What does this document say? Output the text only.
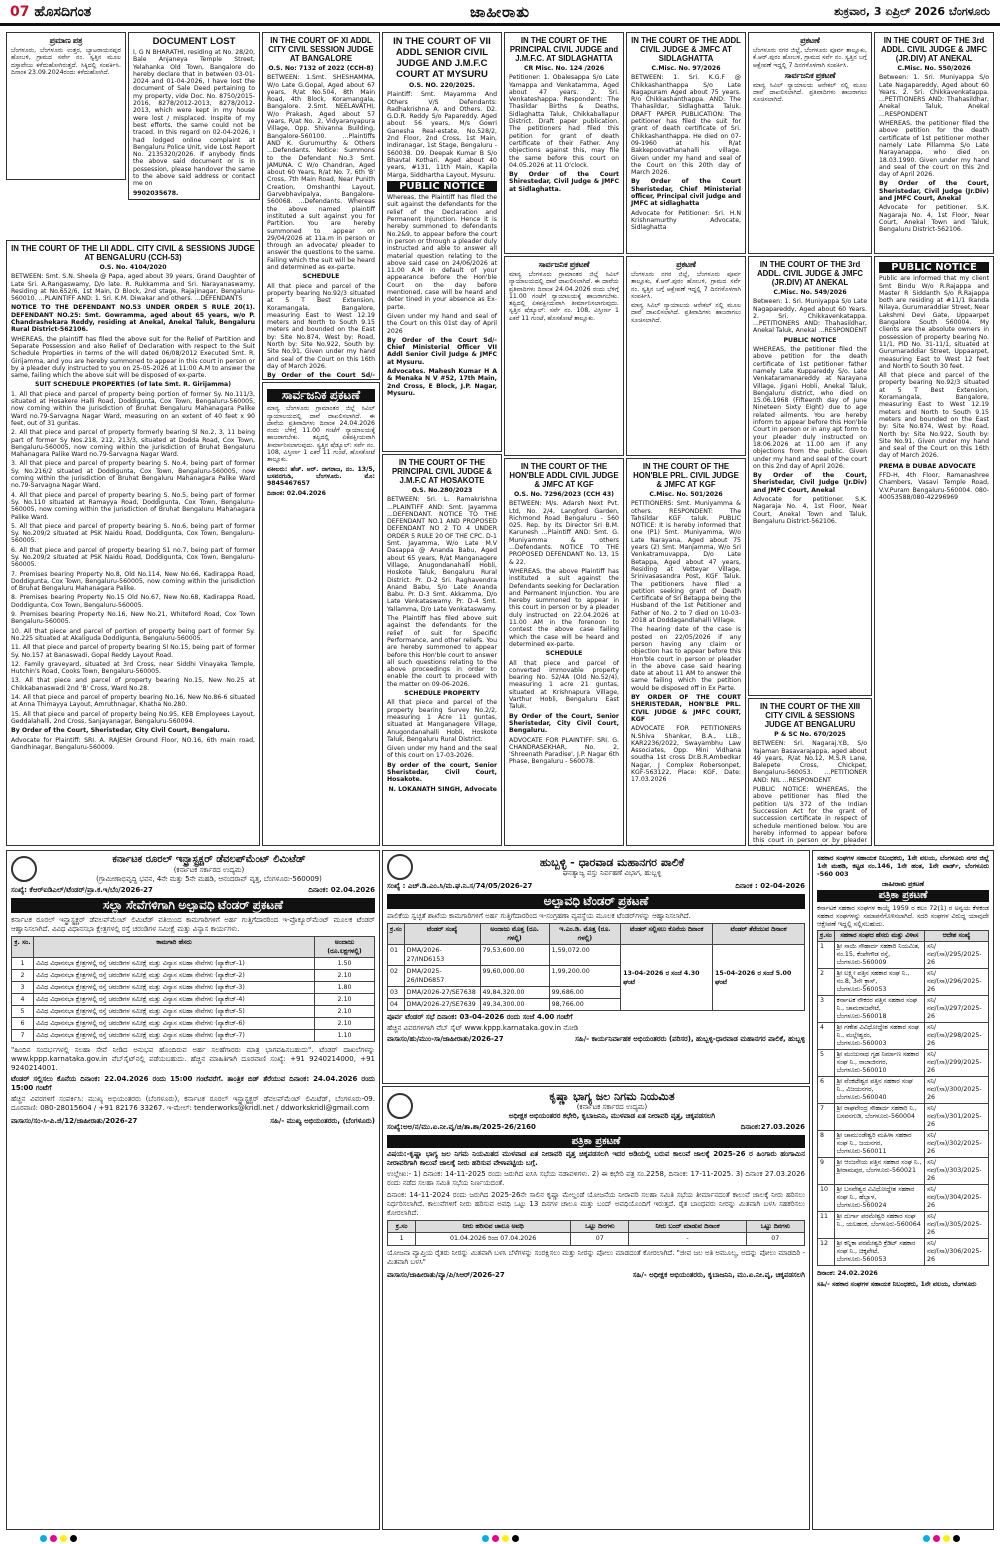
07 ಹೊಸದಿಗಂತ	ಜಾಹೀರಾತು	ಶುಕ್ರವಾರ, 3 ಏಪ್ರಿಲ್ 2026 ಬೆಂಗಳೂರು
ಪ್ರಮಾಣ ಪತ್ರ

ಬೆಂಗಳೂರು, ಬೆಂಗಳೂರು ಉತ್ತರ, ಬ್ಯಾಟರಾಯನಪುರ ಹೋಬಳಿ, ಗ್ರಾಮದ ಸರ್ವೇ ನಂ. ಸ್ವತ್ತಿನ ಮೂಲ ದಸ್ತಾವೇಜು ಕಳೆದುಹೋಗಿರುತ್ತದೆ. ಸಿಕ್ಕಿದಲ್ಲಿ ಸಂಪರ್ಕಿಸಿ. ದಿನಾಂಕ 23.09.2024ರಂದು ಕಳೆದುಹೋಗಿದೆ.

DOCUMENT LOST

I, G N BHARATHI, residing at No. 28/20, Bale Anjaneya Temple Street, Yelahanka Old Town, Bangalore do hereby declare that in between 03-01-2024 and 01-04-2026, I have lost the document of Sale Deed pertaining to my property, vide Doc. No. 8750/2015-2016, 8278/2012-2013, 8278/2012-2013, which were kept in my house were lost / misplaced. Inspite of my best efforts, the same could not be traced. In this regard on 02-04-2026, I had lodged online complaint at Bengaluru Police Unit, vide Lost Report No. 2135320/2026. If anybody finds the above said document or is in possession, please handover the same to the above said address or contact me on

9902035678.

IN THE COURT OF XI ADDL CITY CIVIL SESSION JUDGE AT BANGALORE
O.S. No: 7132 of 2022 (CCH-8)

BETWEEN: 1.Smt. SHESHAMMA, W/o Late G.Gopal, Aged about 67 years, R/at No.504, 8th Main Road, 4th Block, Koramangala, Bangalore. 2.Smt. NEELAVATHI, W/o Prakash, Aged about 57 years, R/at No. 2, Vidyaranyapura Village, Opp. Shivanna Building, Bangalore-560100. ...Plaintiffs AND K. Gurumurthy & Others ...Defendants. Notice: Summons to the Defendant No.3 Smt. JAMUNA. C W/o Chandran, Aged about 60 Years, R/at No. 7, 6th 'B' Cross, 7th Main Road, Near Punith Creation, Omshanthi Layout, Garvebhavipalya, Bangalore-560068. ...Defendants. Whereas the above named plaintiff instituted a suit against you for Partition. You are hereby summoned to appear on 29/04/2026 at 11a.m in person or through an advocate/ pleader to answer the questions to the same. Failing which the suit will be heard and determined as ex-parte.

SCHEDULE

All that piece and parcel of the property bearing No.92/3 situated at 5 T Best Extension, Koramangala, Bangalore, measuring East to West 12.19 meters and North to South 9.15 meters and bounded on the East by: Site No.874, West by: Road, North by: Site No.922, South by: Site No.91, Given under my hand and seal of the Court on this 16th day of March 2026.

By Order of the Court Sd/-

IN THE COURT OF VII ADDL SENIOR CIVIL JUDGE AND J.M.F.C COURT AT MYSURU
O.S. NO. 220/2025.

Plaintiff: Smt. Mayamma And Others V/S Defendants: Radhakrishna A. and Others. D2. G.D.R. Reddy S/o Papareddy. Aged about 56 years, M/s Gowri Ganesha Real-estate, No.528/2, 2nd Floor, 2nd Cross, 1st Main, Indiranagar, 1st Stage, Bengaluru - 560038. D9. Deepak Kumar B S/o Bhavtal Kothari. Aged about 40 years, #131, 11th Main, Kapila Marga, Siddhartha Layout, Mysuru.

PUBLIC NOTICE

Whereas, the Plaintiff has filed the suit against the defendants for the relief of the Declaration and Permanent Injunction. Hence it is hereby summoned to defendants No.2&9, to appear before the court in person or through a pleader duly instructed and able to answer all material question relating to the above said case on 24/06/2026 at 11.00 A.M in default of your appearance before the Hon'ble Court on the day before mentioned, case will be heard and deter tined in your absence as Ex-parte.

Given under my hand and seal of the Court on this 01st day of April 2026

By Order of the Court Sd/- Chief Ministerial Officer VII Addl Senior Civil Judge & JMFC at Mysuru.

Advocates. Mahesh Kumar H A & Menaka N V #52, 17th Main, 2nd Cross, E Block, J.P. Nagar, Mysuru.

IN THE COURT OF THE PRINCIPAL CIVIL JUDGE and J.M.F.C. AT SIDLAGHATTA
CR Misc. No. 124 /2026

Petitioner: 1. Obalesappa S/o Late Yamappa and Venkatamma, Aged about 47 years. 2. Sri. Venkateshappa. Respondent: The Thasildar Births & Deaths, Sidlaghatta Taluk, Chikkaballapur District. Draft paper publication. The petitioners had filed this petition for grant of death certificate of their Father. Any objections against this, may file the same before this court on 04.05.2026 at 11 O'clock.

By Order of the Court Shirestedar, Civil Judge & JMFC at Sidlaghatta.

IN THE COURT OF THE ADDL CIVIL JUDGE & JMFC AT SIDLAGHATTA
C.Misc. No. 97/2026

BETWEEN: 1. Sri. K.G.F @ Chikkashanthappa S/o Late Nagapuram Aged about 75 years. R/o Chikkashanthappa. AND: The Thahasildar, Sidlaghatta Taluk. DRAFT PAPER PUBLICATION: The petitioner has filed the suit for grant of death certificate of Sri. Chikkashanthappa. He died on 07-09-1960 at his R/at Bakkepoovathanahalli village. Given under my hand and seal of the Court on this 20th day of March 2026.

By Order of the Court Sheristedar, Chief Ministerial officer, Principal civil judge and JMFC at sidlaghatta

Advocate for Petitioner: Sri. H.N Krishnamurthy Advocate, Sidlaghatta

ಪ್ರಕಟಣೆ

ಬೆಂಗಳೂರು ನಗರ ಜಿಲ್ಲೆ, ಬೆಂಗಳೂರು ಪೂರ್ವ ತಾಲ್ಲೂಕು, ಕೆ.ಆರ್.ಪುರಂ ಹೋಬಳಿ, ಗ್ರಾಮದ ಸರ್ವೆ ನಂ. ಸ್ವತ್ತಿನ ಬಗ್ಗೆ ಆಕ್ಷೇಪಣೆ ಇದ್ದಲ್ಲಿ 7 ದಿನಗಳೊಳಗಾಗಿ ಸಂಪರ್ಕಿಸಿ.

ಸಾರ್ವಜನಿಕ ಪ್ರಕಟಣೆ

ಮಾನ್ಯ ಸಿವಿಲ್ ನ್ಯಾಯಾಲಯ ಆನೇಕಲ್ ನಲ್ಲಿ ಮೂಲ ದಾವೆ ದಾಖಲಿಸಲಾಗಿದೆ. ಪ್ರತಿವಾದಿಗಳು ಹಾಜರಾಗಲು ಸೂಚಿಸಲಾಗಿದೆ.

IN THE COURT OF THE 3rd ADDL. CIVIL JUDGE & JMFC (JR.DIV) AT ANEKAL
C.Misc. No. 550/2026

Between: 1. Sri. Muniyappa S/o Late Nagapareddy, Aged about 60 Years. 2. Sri. Chikkavenkatappa. ...PETITIONERS AND: Thahasildhar, Anekal Taluk, Anekal ...RESPONDENT

WHEREAS, the petitioner filed the above petition for the death certificate of 1st petitioner mother namely Late Pillamma S/o Late Narayanappa, who died on 18.03.1990. Given under my hand and seal of the court on this 2nd day of April 2026.

By Order of the Court, Sheristedar, Civil Judge (Jr.Div) and JMFC Court, Anekal

Advocate for petitioner. S.K. Nagaraja No. 4, 1st Floor, Near Court, Anekal Town and Taluk, Bengaluru District-562106.

IN THE COURT OF THE LII ADDL. CITY CIVIL & SESSIONS JUDGE AT BENGALURU (CCH-53)
O.S. No. 4104/2020

BETWEEN: Smt. S.N. Sheela @ Papa, aged about 39 years, Grand Daughter of Late Sri. A.Rangaswamy, D/o late. R. Rukkamma and Sri. Narayanaswamy, Residing at No.652/6, 1st Main, D Block, 2nd stage, Rajajinagar, Bengaluru-560010. ...PLAINTIFF AND: 1. Sri. K.M. Diwakar and others. ...DEFENDANTS

NOTICE TO THE DEFENDANT NO.53 UNDER ORDER 5 RULE 20(1). DEFENDANT NO.25: Smt. Gowramma, aged about 65 years, w/o P. Chandrashekara Reddy, residing at Anekal, Anekal Taluk, Bengaluru Rural District-562106.

WHEREAS, the plaintiff has filed the above suit for the Relief of Partition and Separate Possession and also Relief of Declaration with respect to the Suit Schedule Properties in terms of the will dated 06/08/2012 Executed Smt. R. Girijamma, and you are hereby summoned to appear in this court in person or by a pleader duly instructed to you on 25-05-2026 at 11:00 A.M to answer the same, failing which the above suit will be disposed of ex-parte.

SUIT SCHEDULE PROPERTIES (of late Smt. R. Girijamma)

1. All that piece and parcel of property being portion of former Sy. No.111/3, situated at Hosakere Halli Road, Doddigunta, Cox Town, Bengaluru-560005, now coming within the jurisdiction of Bruhat Bengaluru Mahanagara Palike Ward no.79-Sarvagna Nagar Ward, measuring on an extent of 40 feet x 90 feet, out of 31 guntas.

2. All that piece and parcel of property formerly bearing Sl No.2, 3, 11 being part of former Sy Nos.218, 212, 213/3, situated at Dodda Road, Cox Town, Bengaluru-560005, now coming within the jurisdiction of Bruhat Bengaluru Mahanagara Palike Ward no.79-Sarvagna Nagar Ward.

3. All that piece and parcel of property bearing S. No.4, being part of former Sy. No.216/2 situated at Doddigunta, Cox Town, Bengaluru-560005, now coming within the jurisdiction of Bruhat Bengaluru Mahanagara Palike Ward no.79-Sarvagna Nagar Ward.

4. All that piece and parcel of property bearing S. No.5, being part of former Sy. No.110 situated at Ramayya Road, Doddigunta, Cox Town, Bengaluru-560005, now coming within the jurisdiction of Bruhat Bengaluru Mahanagara Palike Ward.

5. All that piece and parcel of property bearing S. No.6, being part of former Sy. No.209/2 situated at PSK Naidu Road, Doddigunta, Cox Town, Bengaluru-560005.

6. All that piece and parcel of property bearing S1 no.7, being part of former Sy. No.209/2 situated at PSK Naidu Road, Doddigunta, Cox Town, Bengaluru-560005.

7. Premises bearing Property No.8, Old No.114, New No.66, Kadirappa Road, Doddigunta, Cox Town, Bengaluru-560005, now coming within the jurisdiction of Bruhat Bengaluru Mahanagara Palike.

8. Premises bearing Property No.15 Old No.67, New No.68, Kadirappa Road, Doddigunta, Cox Town, Bengaluru-560005.

9. Premises bearing Property No.16, New No.21, Whiteford Road, Cox Town Bengaluru-560005.

10. All that piece and parcel of portion of property being part of former Sy. No.225 situated at Akaliguda Doddigunta, Bengaluru-560005.

11. All that piece and parcel of property bearing Sl No.15, being part of former Sy. No.157 at Banaswadi, Gopal Reddy Layout Road.

12. Family graveyard, situated at 3rd Cross, near Siddhi Vinayaka Temple, Hutchin's Road, Cooks Town, Bengaluru-560005.

13. All that piece and parcel of property bearing No.15, New No.25 at Chikkabanaswadi 2nd 'B' Cross, Ward No.28.

14. All that piece and parcel of property bearing No.16, New No.86-6 situated at Anna Thimayya Layout, Amruthnagar, Khatha No.280.

15. All that piece and parcel of property being No.95, KEB Employees Layout, Geddalahalli, 2nd Cross, Sanjayanagar, Bengaluru-560094.

By Order of the Court, Sheristedar, City Civil Court, Bengaluru.

Advocate for Plaintiff: SRI. A. RAJESH Ground Floor, NO.16, 6th main road, Gandhinagar, Bengaluru-560009.

ಸಾರ್ವಜನಿಕ ಪ್ರಕಟಣೆ

ಮಾನ್ಯ ಬೆಂಗಳೂರು ಗ್ರಾಮಾಂತರ ಜಿಲ್ಲೆ ಸಿವಿಲ್ ನ್ಯಾಯಾಲಯದಲ್ಲಿ ದಾವೆ ದಾಖಲಿಸಲಾಗಿದೆ. ಈ ದಾವೆಯ ಪ್ರತಿವಾದಿಗಳು ದಿನಾಂಕ 24.04.2026 ರಂದು ಬೆಳಿಗ್ಗೆ 11.00 ಗಂಟೆಗೆ ನ್ಯಾಯಾಲಯಕ್ಕೆ ಹಾಜರಾಗಬೇಕು. ತಪ್ಪಿದಲ್ಲಿ ಏಕಪಕ್ಷೀಯವಾಗಿ ತೀರ್ಮಾನಿಸಲಾಗುವುದು. ಸ್ವತ್ತಿನ ಷೆಡ್ಯೂಲ್: ಸರ್ವೆ ನಂ. 108, ವಿಸ್ತೀರ್ಣ 1 ಎಕರೆ 11 ಗುಂಟೆ, ಹೊಸಕೋಟೆ ತಾಲ್ಲೂಕು.

ವಕೀಲರು: ಹೆಚ್. ಆರ್. ನಾಗರಾಜ, ನಂ. 13/5, ಬಸವನಗುಡಿ, ಬೆಂಗಳೂರು. ಮೊ: 9845467657

ದಿನಾಂಕ: 02.04.2026

IN THE COURT OF THE PRINCIPAL CIVIL JUDGE & J.M.F.C AT HOSAKOTE
O.S. No.280/2023

BETWEEN: Sri. L. Ramakrishna ...PLAINTIFF AND: Smt. Jayamma ...DEFENDANT. NOTICE TO THE DEFENDANT NO.1 AND PROPOSED DEFENDANT NO 2 TO 4 UNDER ORDER 5 RULE 20 OF THE CPC. D-1 Smt. Jayamma, W/o Late M.V Dasappa @ Ananda Babu, Aged about 65 years, R/at Manganagere Village, Anugondanahalli Hobli, Hoskote Taluk, Bengaluru Rural District. Pr. D-2 Sri. Raghavendra Anand Babu, S/o Late Ananda Babu. Pr. D-3 Smt. Akkamma, D/o Late Venkataswamy. Pr. D-4 Smt. Yallamma, D/o Late Venkataswamy.

The Plaintiff has filed above suit against the defendants for the relief of suit for Specific Performance, and other reliefs. You are hereby summoned to appear before this Hon'ble court to answer all such questions relating to the above proceedings in order to enable the court to proceed with the matter on 09-06-2026.

SCHEDULE PROPERTY

All that piece and parcel of the property bearing Survey No.2/2, measuring 1 Acre 11 guntas, situated at Manganagere Village, Anugondanahalli Hobli, Hoskote Taluk, Bengaluru Rural District.

Given under my hand and the seal of this court on 17-03-2026.

By order of the court, Senior Sheristedar, Civil Court, Hosakote.

N. LOKANATH SINGH, Advocate

ಸಾರ್ವಜನಿಕ ಪ್ರಕಟಣೆ

ಮಾನ್ಯ ಬೆಂಗಳೂರು ಗ್ರಾಮಾಂತರ ಜಿಲ್ಲೆ ಸಿವಿಲ್ ನ್ಯಾಯಾಲಯದಲ್ಲಿ ದಾವೆ ದಾಖಲಿಸಲಾಗಿದೆ. ಈ ದಾವೆಯ ಪ್ರತಿವಾದಿಗಳು ದಿನಾಂಕ 24.04.2026 ರಂದು ಬೆಳಿಗ್ಗೆ 11.00 ಗಂಟೆಗೆ ನ್ಯಾಯಾಲಯಕ್ಕೆ ಹಾಜರಾಗಬೇಕು. ತಪ್ಪಿದಲ್ಲಿ ಏಕಪಕ್ಷೀಯವಾಗಿ ತೀರ್ಮಾನಿಸಲಾಗುವುದು. ಸ್ವತ್ತಿನ ಷೆಡ್ಯೂಲ್: ಸರ್ವೆ ನಂ. 108, ವಿಸ್ತೀರ್ಣ 1 ಎಕರೆ 11 ಗುಂಟೆ, ಹೊಸಕೋಟೆ ತಾಲ್ಲೂಕು.

IN THE COURT OF THE HON'BLE ADDL CIVIL JUDGE & JMFC AT KGF
O.S. No. 7296/2023 (CCH 43)

BETWEEN: M/s. Adarsh Next Pvt. Ltd, No. 2/4, Langford Garden, Richmond Road Bengaluru - 560 025. Rep. by its Director Sri B.M. Karunesh ...Plaintiff AND: Smt. G. Muniyamma & others ...Defendants. NOTICE TO THE PROPOSED DEFENDANT No. 13, 15 & 22.

WHEREAS, the above Plaintiff has instituted a suit against the Defendants seeking for Declaration and Permanent Injunction. You are hereby summoned to appear in this court in person or by a pleader duly instructed on 22.04.2026 at 11.00 AM in the forenoon to contest the above case failing which the case will be heard and determined ex-parte.

SCHEDULE

All that piece and parcel of converted immovable property bearing No. 52/4A (Old No.52/4), measuring 1 acre 21 guntas, situated at Krishnapura Village, Varthur Hobli, Bengaluru East Taluk.

By Order of the Court, Senior Sheristedar, City Civil Court, Bengaluru.

ADVOCATE FOR PLAINTIFF: SRI. G. CHANDRASEKHAR, No. 2, 'Shreenath Paradise', J.P. Nagar 6th Phase, Bengaluru - 560078.

ಪ್ರಕಟಣೆ

ಬೆಂಗಳೂರು ನಗರ ಜಿಲ್ಲೆ, ಬೆಂಗಳೂರು ಪೂರ್ವ ತಾಲ್ಲೂಕು, ಕೆ.ಆರ್.ಪುರಂ ಹೋಬಳಿ, ಗ್ರಾಮದ ಸರ್ವೆ ನಂ. ಸ್ವತ್ತಿನ ಬಗ್ಗೆ ಆಕ್ಷೇಪಣೆ ಇದ್ದಲ್ಲಿ 7 ದಿನಗಳೊಳಗಾಗಿ ಸಂಪರ್ಕಿಸಿ.

ಮಾನ್ಯ ಸಿವಿಲ್ ನ್ಯಾಯಾಲಯ ಆನೇಕಲ್ ನಲ್ಲಿ ಮೂಲ ದಾವೆ ದಾಖಲಿಸಲಾಗಿದೆ. ಪ್ರತಿವಾದಿಗಳು ಹಾಜರಾಗಲು ಸೂಚಿಸಲಾಗಿದೆ.

IN THE COURT OF THE HON'BLE PRL. CIVIL JUDGE & JMFC AT KGF
C.Misc. No. 501/2026

PETITIONERS: Smt. Muniyamma & others. RESPONDENT: The Tahsildar KGF taluk. PUBLIC NOTICE: It is hereby informed that one (P1) Smt. Muniyamma, W/o Late Narayana, Aged about 75 years (2) Smt. Manjamma, W/o Sri Venkatramuvappa, D/o Late Betappa, Aged about 47 years, Residing at Vetteyar Village, Srinivasasandra Post, KGF Taluk. The petitioners have filed a petition seeking grant of Death Certificate of Sri Betappa being the Husband of the 1st Petitioner and Father of No. 2 to 7 died on 10-03-2018 at Doddagandlahalli Village.

The hearing date of the case is posted on 22/05/2026 if any person having any claim or objection has to appear before this Hon'ble court in person or pleader in the above case said hearing date at about 11 AM to answer the same failing which the petition would be disposed off in Ex Parte.

BY ORDER OF THE COURT SHERISTEDAR, HON'BLE PRL. CIVIL JUDGE & JMFC COURT, KGF

ADVOCATE FOR PETITIONERS N.Shiva Shankar, B.A., LLB., KAR2236/2022, Swayambhu Law Associates, Opp. Mini Vidhana soudha 1st cross Dr.B.R.Ambedkar Nagar, J Complex Robersonpet, KGF-563122, Place: KGF, Date: 17.03.2026

IN THE COURT OF THE 3rd ADDL. CIVIL JUDGE & JMFC (JR.DIV) AT ANEKAL
C.Misc. No. 549/2026

Between: 1. Sri. Muniyappa S/o Late Nagapareddy, Aged about 60 Years. 2. Sri. Chikkavenkatappa. ...PETITIONERS AND: Thahasildhar, Anekal Taluk, Anekal ...RESPONDENT

PUBLIC NOTICE

WHEREAS, the petitioner filed the above petition for the death certificate of 1st petitioner father namely Late Kuppareddy S/o. Late Venkataramanareddy at Narayana Village, Jigani Hobli, Anekal Taluk, Bengaluru district, who died on 15.06.1968 (Fifteenth day of June Nineteen Sixty Eight) due to age related ailments. You are hereby inform to appear before this Hon'ble Court in person or in any apt form to your pleader duly instructed on 18.06.2026 at 11.00 am if any objections from the public. Given under my hand and seal of the court on this 2nd day of April 2026.

By Order of the Court, Sheristedar, Civil Judge (Jr.Div) and JMFC Court, Anekal

Advocate for petitioner. S.K. Nagaraja No. 4, 1st Floor, Near Court, Anekal Town and Taluk, Bengaluru District-562106.

IN THE COURT OF THE XIII CITY CIVIL & SESSIONS JUDGE AT BENGALURU
P & SC No. 670/2025

BETWEEN: Sri. Nagaraj.Y.B, S/o Yajaman Basavarajappa, aged about 49 years, R/at No.12, M.S.R Lane, Balepete Cross, Chickpet, Bengaluru-560053. ...PETITIONER AND: NIL ...RESPONDENT

PUBLIC NOTICE: WHEREAS, the above petitioner has filed the petition U/s 372 of the Indian Succession Act for the grant of succession certificate in respect of schedule mentioned below. You are hereby informed to appear before this court in person or by pleader

PUBLIC NOTICE

Public are informed that my client Smt Bindu W/o R.Rajappa and Master R Siddanth S/o R.Rajappa both are residing at #11/1 Ikanda Nilaya, Gurumaraddiar Street, Near Lakshmi Devi Gate, Uppaarpet Bangalore South 560004. My clients are the absolute owners in possession of property bearing No. 11/1, PID No. 31-11/1, situated at Gurumaraddiar Street, Uppaarpet, measuring East to West 12 feet and North to South 30 feet.

All that piece and parcel of the property bearing No.92/3 situated at 5 T Best Extension, Koramangala, Bangalore, measuring East to West 12.19 meters and North to South 9.15 meters and bounded on the East by: Site No.874, West by: Road, North by: Site No.922, South by: Site No.91, Given under my hand and seal of the Court on this 16th day of March 2026.

PREMA B DUBAE ADVOCATE

FFD-H, 4th Floor, Ramanashree Chambers, Vasavi Temple Road, V.V.Puram Bengaluru-560004. 080-40053588/080-42296969

ಕರ್ನಾಟಕ ರೂರಲ್ ಇನ್ಫ್ರಾಸ್ಟ್ರಕ್ಚರ್ ಡೆವಲಪ್‌ಮೆಂಟ್ ಲಿಮಿಟೆಡ್
(ಕರ್ನಾಟಕ ಸರ್ಕಾರದ ಉದ್ಯಮ)
(ಗ್ರಾಮೀಣಾಭಿವೃದ್ಧಿ ಭವನ, 4ನೇ ಮತ್ತು 5ನೇ ಮಹಡಿ, ಆನಂದರಾವ್ ವೃತ್ತ, ಬೆಂಗಳೂರು-560009)
ಸಂಖ್ಯೆ: ಕೆಆರ್‌ಐಡಿಎಲ್/ಟೆಂಡರ್/ಪ್ರಾ.ಕ.ಇ/ಬೆಂ/2026-27	ದಿನಾಂಕ: 02.04.2026
ಸಲ್ಲಾ ಸೇವೆಗಳಿಗಾಗಿ ಅಲ್ಪಾವಧಿ ಟೆಂಡರ್ ಪ್ರಕಟಣೆ

ಕರ್ನಾಟಕ ರೂರಲ್ ಇನ್ಫ್ರಾಸ್ಟ್ರಕ್ಚರ್ ಡೆವಲಪ್‌ಮೆಂಟ್ ಲಿಮಿಟೆಡ್ ವತಿಯಿಂದ ಕಾಮಗಾರಿಗಳಿಗೆ ಅರ್ಹ ಗುತ್ತಿಗೆದಾರರಿಂದ ಇ-ಪ್ರೊಕ್ಯೂರ್‌ಮೆಂಟ್ ಮೂಲಕ ಟೆಂಡರ್ ಆಹ್ವಾನಿಸಲಾಗಿದೆ. ವಿವಿಧ ವಿಧಾನಸಭಾ ಕ್ಷೇತ್ರಗಳಲ್ಲಿ ರಸ್ತೆ ಚರಂಡಿಗಳ ಸಮೀಕ್ಷೆ ಮತ್ತು ವಿನ್ಯಾಸ ಕಾರ್ಯಗಳು.

ಕ್ರ. ಸಂ.	ಕಾಮಗಾರಿ ಹೆಸರು	ಅಂದಾಜು (ರೂ.ಲಕ್ಷಗಳಲ್ಲಿ)
1	ವಿವಿಧ ವಿಧಾನಸಭಾ ಕ್ಷೇತ್ರಗಳಲ್ಲಿ ರಸ್ತೆ ಚರಂಡಿಗಳ ಸಮೀಕ್ಷೆ ಮತ್ತು ವಿನ್ಯಾಸ ಸಲಹಾ ಸೇವೆಗಳು (ಪ್ಯಾಕೇಜ್-1)	1.50
2	ವಿವಿಧ ವಿಧಾನಸಭಾ ಕ್ಷೇತ್ರಗಳಲ್ಲಿ ರಸ್ತೆ ಚರಂಡಿಗಳ ಸಮೀಕ್ಷೆ ಮತ್ತು ವಿನ್ಯಾಸ ಸಲಹಾ ಸೇವೆಗಳು (ಪ್ಯಾಕೇಜ್-2)	2.10
3	ವಿವಿಧ ವಿಧಾನಸಭಾ ಕ್ಷೇತ್ರಗಳಲ್ಲಿ ರಸ್ತೆ ಚರಂಡಿಗಳ ಸಮೀಕ್ಷೆ ಮತ್ತು ವಿನ್ಯಾಸ ಸಲಹಾ ಸೇವೆಗಳು (ಪ್ಯಾಕೇಜ್-3)	1.80
4	ವಿವಿಧ ವಿಧಾನಸಭಾ ಕ್ಷೇತ್ರಗಳಲ್ಲಿ ರಸ್ತೆ ಚರಂಡಿಗಳ ಸಮೀಕ್ಷೆ ಮತ್ತು ವಿನ್ಯಾಸ ಸಲಹಾ ಸೇವೆಗಳು (ಪ್ಯಾಕೇಜ್-4)	2.10
5	ವಿವಿಧ ವಿಧಾನಸಭಾ ಕ್ಷೇತ್ರಗಳಲ್ಲಿ ರಸ್ತೆ ಚರಂಡಿಗಳ ಸಮೀಕ್ಷೆ ಮತ್ತು ವಿನ್ಯಾಸ ಸಲಹಾ ಸೇವೆಗಳು (ಪ್ಯಾಕೇಜ್-5)	2.10
6	ವಿವಿಧ ವಿಧಾನಸಭಾ ಕ್ಷೇತ್ರಗಳಲ್ಲಿ ರಸ್ತೆ ಚರಂಡಿಗಳ ಸಮೀಕ್ಷೆ ಮತ್ತು ವಿನ್ಯಾಸ ಸಲಹಾ ಸೇವೆಗಳು (ಪ್ಯಾಕೇಜ್-6)	2.10
7	ವಿವಿಧ ವಿಧಾನಸಭಾ ಕ್ಷೇತ್ರಗಳಲ್ಲಿ ರಸ್ತೆ ಚರಂಡಿಗಳ ಸಮೀಕ್ಷೆ ಮತ್ತು ವಿನ್ಯಾಸ ಸಲಹಾ ಸೇವೆಗಳು (ಪ್ಯಾಕೇಜ್-7)	1.10

"ಹಿಂದಿನ ಸಂದರ್ಭಗಳಲ್ಲಿ ಸಲಹಾ ಸೇವೆ ನೀಡಿದ ಅನುಭವ ಹೊಂದಿರುವ ಅರ್ಹ ಸಲಹೆಗಾರರು ಮಾತ್ರ ಭಾಗವಹಿಸಬಹುದು". ಟೆಂಡರ್ ದಾಖಲೆಗಳನ್ನು www.kppp.karnataka.gov.in ವೆಬ್‌ಸೈಟ್‌ನಲ್ಲಿ ಪಡೆಯಬಹುದು. ಹೆಚ್ಚಿನ ಮಾಹಿತಿಗಾಗಿ ದೂರವಾಣಿ ಸಂಖ್ಯೆ: +91 9240214000, +91 9240214001.

ಟೆಂಡರ್ ಸಲ್ಲಿಸಲು ಕೊನೆಯ ದಿನಾಂಕ: 22.04.2026 ರಂದು 15:00 ಗಂಟೆವರೆಗೆ. ತಾಂತ್ರಿಕ ಬಿಡ್ ತೆರೆಯುವ ದಿನಾಂಕ: 24.04.2026 ರಂದು 15:00 ಗಂಟೆಗೆ

ಹೆಚ್ಚಿನ ವಿವರಗಳಿಗೆ ಸಂಪರ್ಕಿಸಿ: ಮುಖ್ಯ ಅಭಿಯಂತರರು (ಬೆಂಗಳೂರು), ಕರ್ನಾಟಕ ರೂರಲ್ ಇನ್ಫ್ರಾಸ್ಟ್ರಕ್ಚರ್ ಡೆವಲಪ್‌ಮೆಂಟ್ ಲಿಮಿಟೆಡ್, ಬೆಂಗಳೂರು-09. ದೂರವಾಣಿ: 080-28015604 / +91 82176 33267. ಇ-ಮೇಲ್: tenderworks@kridl.net / ddworkskridl@gmail.com

ವಾಸಾಸಂ/ಸಂ-ಸಿ-ಪಿ.ಜಿ/12/ಜಾಹೀರಾತು/2026-27	ಸಹಿ/- ಮುಖ್ಯ ಅಭಿಯಂತರರು, (ಬೆಂಗಳೂರು)
ಹುಬ್ಬಳ್ಳಿ - ಧಾರವಾಡ ಮಹಾನಗರ ಪಾಲಿಕೆ
ಘನತ್ಯಾಜ್ಯ ವಸ್ತು ನಿರ್ವಹಣೆ ವಿಭಾಗ, ಹುಬ್ಬಳ್ಳಿ
ಸಂಖ್ಯೆ : ಎಚ್.ಡಿ.ಎಂ.ಸಿ/ಮ.ಘ.ನಿ.ಸ/74/05/2026-27	ದಿನಾಂಕ : 02-04-2026
ಅಲ್ಪಾವಧಿ ಟೆಂಡರ್ ಪ್ರಕಟಣೆ

ಪಾಲಿಕೆಯ ಸ್ವಚ್ಛತೆ ಶಾಖೆಯ ಕಾಮಗಾರಿಗಳಿಗೆ ಅರ್ಹ ಗುತ್ತಿಗೆದಾರರಿಂದ ಇ-ಸಂಗ್ರಹಣಾ ವ್ಯವಸ್ಥೆಯ ಮೂಲಕ ಟೆಂಡರ್‌ಗಳನ್ನು ಆಹ್ವಾನಿಸಲಾಗಿದೆ.

ಕ್ರ.ಸಂ	ಟೆಂಡರ್ ಸಂಖ್ಯೆ	ಅಂದಾಜು ಮೊತ್ತ (ರೂ. ಗಳಲ್ಲಿ)	ಇ.ಎಂ.ಡಿ. ಮೊತ್ತ (ರೂ. ಗಳಲ್ಲಿ)	ಟೆಂಡರ್ ಸಲ್ಲಿಸಲು ಕೊನೆಯ ದಿನಾಂಕ	ಟೆಂಡರ್ ತೆರೆಯುವ ದಿನಾಂಕ
01	DMA/2026-27/IND6153	79,53,600.00	1,59,072.00	13-04-2026 ರ ಸಂಜೆ 4.30 ಘಂಟೆ	15-04-2026 ರ ಸಂಜೆ 5.00 ಘಂಟೆ
02	DMA/2025-26/IND6857	99,60,000.00	1,99,200.00		
03	DMA/2026-27/SE7638	49,84,320.00	99,686.00		
04	DMA/2026-27/SE7639	49,34,300.00	98,766.00		

ಪೂರ್ವ ಟೆಂಡರ್ ಸಭೆ ದಿನಾಂಕ: 03-04-2026 ರಂದು ಸಂಜೆ 4.00 ಗಂಟೆಗೆ

ಹೆಚ್ಚಿನ ವಿವರಗಳಿಗಾಗಿ ವೆಬ್ ಸೈಟ್ www.kppp.karnataka.gov.in ನೋಡಿ

ವಾಸಾಸಂ/ಹು/ಮುಂ-ಸಾ/ಜಾಹೀರಾತು/2026-27	ಸಹಿ/- ಕಾರ್ಯನಿರ್ವಾಹಕ ಅಭಿಯಂತರರು (ಪರಿಸರ), ಹುಬ್ಬಳ್ಳಿ-ಧಾರವಾಡ ಮಹಾನಗರ ಪಾಲಿಕೆ, ಹುಬ್ಬಳ್ಳಿ
ಕೃಷ್ಣಾ ಭಾಗ್ಯ ಜಲ ನಿಗಮ ನಿಯಮಿತ
(ಕರ್ನಾಟಕ ಸರ್ಕಾರದ ಉದ್ಯಮ)
ಅಧೀಕ್ಷಕ ಅಭಿಯಂತರರ ಕಛೇರಿ, ಕೃಬಾಜನಿನಿ, ಮುಳವಾಡ ಏತ ನೀರಾವರಿ ವೃತ್ತ, ಚಿಕ್ಕಪಡಸಲಗಿ
ಸಂಖ್ಯೆ:ಅಅ/ನ/ಮು.ಏ.ನೀ.ವೃ/ಚಿ/ತಾ.ಶಾ/2025-26/2160	ದಿನಾಂಕ:27.03.2026
ಪತ್ರಿಕಾ ಪ್ರಕಟಣೆ

ವಿಷಯ:-ಕೃಷ್ಣಾ ಭಾಗ್ಯ ಜಲ ನಿಗಮ ನಿಯಮಿತದ ಮುಳವಾಡ ಏತ ನೀರಾವರಿ ವೃತ್ತ ಚಿಕ್ಕಪಡಸಲಗಿ ಇದರ ಅಡಿಯಲ್ಲಿ ಬರುವ ಕಾಲುವೆ ಜಾಲಕ್ಕೆ 2025-26 ರ ಹಿಂಗಾರು ಹಂಗಾಮಿನ ನೀರಾವರಿಗಾಗಿ ಕಾಲುವೆ ಜಾಲಕ್ಕೆ ನೀರು ಹರಿಸುವ ವೇಳಾಪಟ್ಟಿಯ ಬಗ್ಗೆ.

ಉಲ್ಲೇಖ:- 1) ದಿನಾಂಕ: 14-11-2025 ರಂದು ಜರುಗಿದ ಐಸಿಸಿ ಸಭೆಯ ನಡಾವಳಿಗಳು. 2) ಈ ಕಛೇರಿ ಪತ್ರ ಸಂ.2258, ದಿನಾಂಕ: 17-11-2025. 3) ದಿನಾಂಕ 27.03.2026 ರಂದು ನಡೆದ ಸಲಹಾ ಸಮಿತಿ ಸಭೆಯ ನಿರ್ಣಯದಂತೆ.

ದಿನಾಂಕ: 14-11-2024 ರಂದು ಜರುಗಿದ 2025-26ನೇ ಸಾಲಿನ ಕೃಷ್ಣಾ ಮೇಲ್ದಂಡೆ ಯೋಜನೆಯ ನೀರಾವರಿ ಸಲಹಾ ಸಮಿತಿ ಸಭೆಯ ತೀರ್ಮಾನದಂತೆ ಕಾಲುವೆ ಜಾಲಕ್ಕೆ ನೀರು ಹರಿಸಲು ನಿರ್ಧರಿಸಲಾಗಿದೆ. ಕಾಲುವೆಗಳಿಗೆ ನೀರು ಹರಿಸುವ ಅವಧಿ ಒಟ್ಟು 13 ದಿನಗಳ ಚಾಲೂ ಮತ್ತು ಬಂದ್ ಅವಧಿಯೊಂದಿಗೆ ಇರುತ್ತದೆ. ರೈತ ಬಾಂಧವರು ನೀರನ್ನು ಮಿತವಾಗಿ ಬಳಸಿ ಸಹಕರಿಸಲು ಕೋರಲಾಗಿದೆ.

ಕ್ರ.ಸಂ	ನೀರು ಹರಿಸುವ ಚಾಲೂ ಅವಧಿ	ಒಟ್ಟು ದಿನಗಳು	ನೀರು ಬಂದ್ ಮಾಡುವ ದಿನಾಂಕ	ಒಟ್ಟು ದಿನಗಳು
1	01.04.2026 ರಿಂದ 07.04.2026	07	-	07

ಯೋಜನಾ ವ್ಯಾಪ್ತಿಯ ರೈತರು ನೀರನ್ನು ಮಿತವಾಗಿ ಬಳಸಿ ಬೆಳೆಗಳನ್ನು ಸಂರಕ್ಷಿಸಲು ಮತ್ತು ನೀರನ್ನು ಪೋಲು ಮಾಡದಂತೆ ಕೋರಲಾಗಿದೆ. "ಜೀವ ಜಲ ಅತಿ ಅಮೂಲ್ಯ, ಅದನ್ನು ಪೋಲು ಮಾಡದಿರಿ - ಮಿತವಾಗಿ ಬಳಸಿ"

ವಾಸಾಸಂ/ಜಾಹೀರಾತು/ವ್ಯಾ/ಪಿ/ಸಿಆರ್/2026-27	ಸಹಿ/- ಅಧೀಕ್ಷಕ ಅಭಿಯಂತರರು, ಕೃಬಾಜನಿನಿ, ಮು.ಏ.ನೀ.ವೃ, ಚಿಕ್ಕಪಡಸಲಗಿ

ಸಹಕಾರ ಸಂಘಗಳ ಸಹಾಯಕ ನಿಬಂಧಕರು, 1ನೇ ವಲಯ, ಬೆಂಗಳೂರು ನಗರ ಜಿಲ್ಲೆ 1ನೇ ಮಹಡಿ, ಕಟ್ಟಡ ನಂ.146, 1ನೇ ಹಂತ, 1ನೇ ವಾರ್ಡ್, ಬೆಂಗಳೂರು -560 003

ಜಾಹೀರಾತು ಪ್ರಕಟಣೆ
ಪತ್ರಿಕಾ ಪ್ರಕಟಣೆ

ಕರ್ನಾಟಕ ಸಹಕಾರ ಸಂಘಗಳ ಕಾಯ್ದೆ 1959 ರ ಕಲಂ 72(1) ರ ಅನ್ವಯ ಕೆಳಕಂಡ ಸಹಕಾರ ಸಂಘಗಳನ್ನು ಸಮಾಪನೆಗೊಳಿಸಲಾಗಿದೆ. ಸದರಿ ಸಂಘಗಳ ವಿರುದ್ಧ ಯಾವುದೇ ಆಕ್ಷೇಪಣೆ ಇದ್ದಲ್ಲಿ ಸಲ್ಲಿಸಬಹುದು.

ಕ್ರ.ಸಂ	ಸಹಕಾರ ಸಂಘದ ಹೆಸರು ಮತ್ತು ವಿಳಾಸ	ಆದೇಶ ಸಂಖ್ಯೆ
1	ಶ್ರೀ ಸಾಯಿ ಸೌಹಾರ್ದ ಸಹಕಾರಿ ನಿಯಮಿತ, ನಂ.15, ಕೆಂಪೇಗೌಡ ರಸ್ತೆ, ಬೆಂಗಳೂರು-560009	ಸನಿ/ನವ/(ಸಾ)/295/2025-26
2	ಶ್ರೀ ಲಕ್ಷ್ಮೀ ಪತ್ತಿನ ಸಹಕಾರ ಸಂಘ ನಿ., ನಂ.8, 3ನೇ ಕ್ರಾಸ್, ಬೆಂಗಳೂರು-560053	ಸನಿ/ನವ/(ಸಾ)/296/2025-26
3	ಕರ್ನಾಟಕ ನೌಕರರ ಪತ್ತಿನ ಸಹಕಾರ ಸಂಘ ನಿ., ಚಾಮರಾಜಪೇಟೆ, ಬೆಂಗಳೂರು-560018	ಸನಿ/ನವ/(ಸಾ)/297/2025-26
4	ಶ್ರೀ ಗಣೇಶ ವಿವಿಧೋದ್ದೇಶ ಸಹಕಾರ ಸಂಘ ನಿ., ಮಲ್ಲೇಶ್ವರಂ, ಬೆಂಗಳೂರು-560003	ಸನಿ/ನವ/(ಸಾ)/298/2025-26
5	ಶ್ರೀ ಮಂಜುನಾಥ ಗೃಹ ನಿರ್ಮಾಣ ಸಹಕಾರ ಸಂಘ ನಿ., ರಾಜಾಜಿನಗರ, ಬೆಂಗಳೂರು-560010	ಸನಿ/ನವ/(ಸಾ)/299/2025-26
6	ಶ್ರೀ ವೆಂಕಟೇಶ್ವರ ಪತ್ತಿನ ಸಹಕಾರ ಸಂಘ ನಿ., ವಿಜಯನಗರ, ಬೆಂಗಳೂರು-560040	ಸನಿ/ನವ/(ಸಾ)/300/2025-26
7	ಶ್ರೀ ರಾಘವೇಂದ್ರ ಸೌಹಾರ್ದ ಸಹಕಾರಿ ನಿ., ಬಸವನಗುಡಿ, ಬೆಂಗಳೂರು-560004	ಸನಿ/ನವ/(ಸಾ)/301/2025-26
8	ಶ್ರೀ ಚಾಮುಂಡೇಶ್ವರಿ ಮಹಿಳಾ ಸಹಕಾರ ಸಂಘ ನಿ., ಜಯನಗರ, ಬೆಂಗಳೂರು-560011	ಸನಿ/ನವ/(ಸಾ)/302/2025-26
9	ಶ್ರೀ ಆಂಜನೇಯ ಪತ್ತಿನ ಸಹಕಾರ ಸಂಘ ನಿ., ಶ್ರೀರಾಮಪುರ, ಬೆಂಗಳೂರು-560021	ಸನಿ/ನವ/(ಸಾ)/303/2025-26
10	ಶ್ರೀ ಬಸವೇಶ್ವರ ವಿವಿಧೋದ್ದೇಶ ಸಹಕಾರ ಸಂಘ ನಿ., ಹೆಬ್ಬಾಳ, ಬೆಂಗಳೂರು-560024	ಸನಿ/ನವ/(ಸಾ)/304/2025-26
11	ಶ್ರೀ ದುರ್ಗಾ ಪರಮೇಶ್ವರಿ ಸಹಕಾರ ಸಂಘ ನಿ., ಯಲಹಂಕ, ಬೆಂಗಳೂರು-560064	ಸನಿ/ನವ/(ಸಾ)/305/2025-26
12	ಶ್ರೀ ಕನ್ನಿಕಾ ಪರಮೇಶ್ವರಿ ಕ್ರೆಡಿಟ್ ಸಹಕಾರ ಸಂಘ ನಿ., ಚಿಕ್ಕಪೇಟೆ, ಬೆಂಗಳೂರು-560053	ಸನಿ/ನವ/(ಸಾ)/306/2025-26

ದಿನಾಂಕ: 24.02.2026

ಸಹಿ/- ಸಹಕಾರ ಸಂಘಗಳ ಸಹಾಯಕ ನಿಬಂಧಕರು, 1ನೇ ವಲಯ, ಬೆಂಗಳೂರು
